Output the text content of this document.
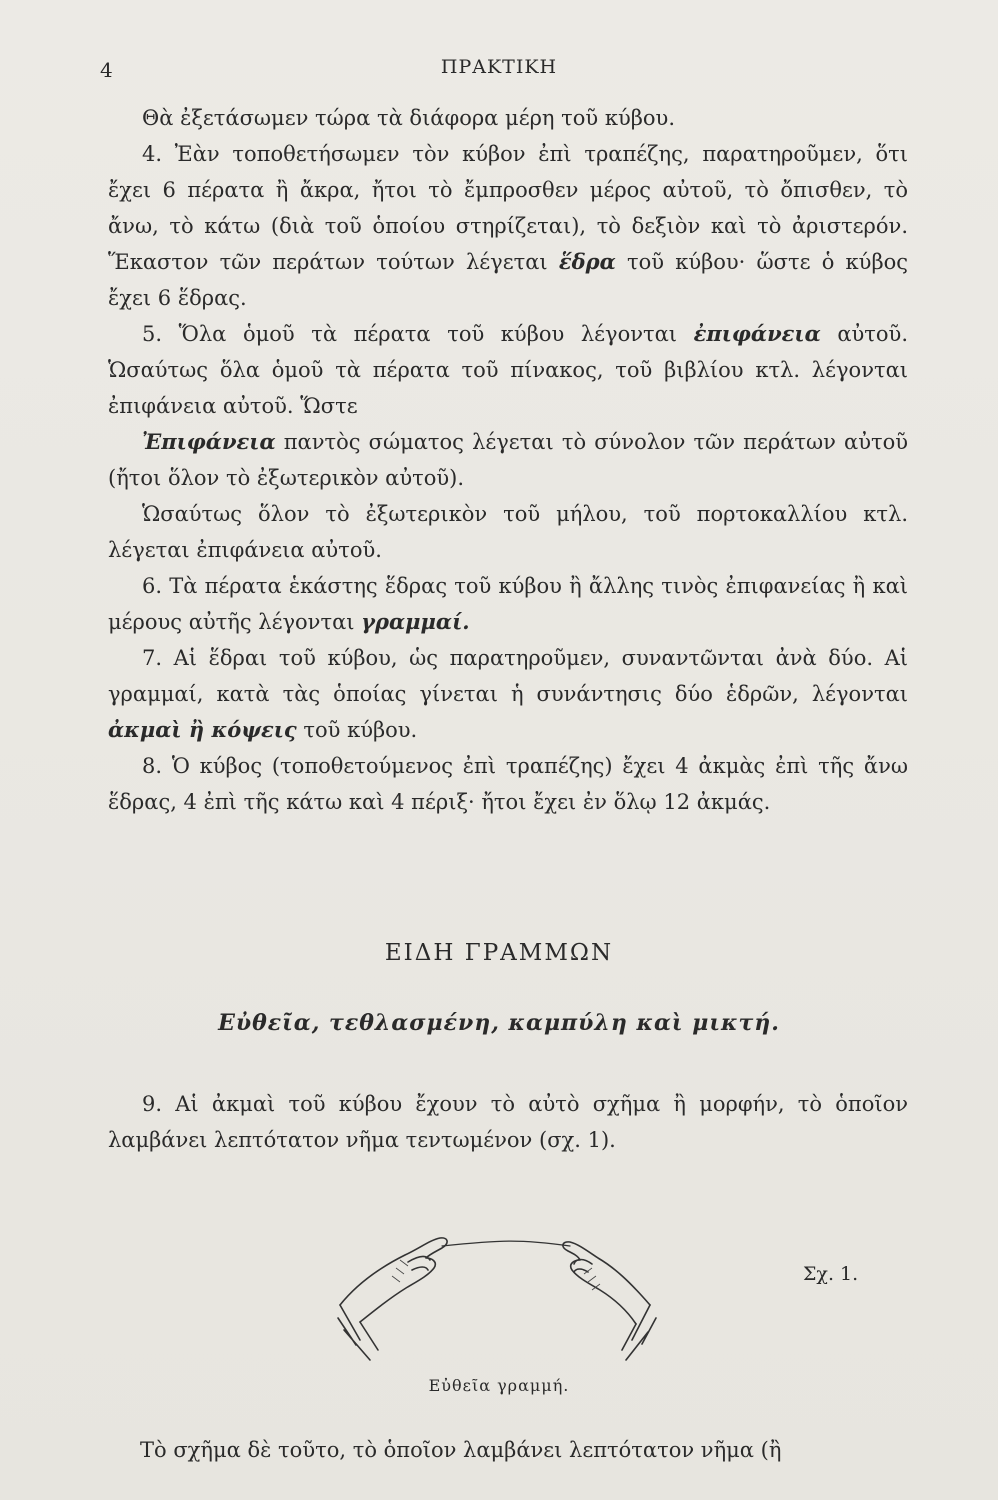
4	ΠΡΑΚΤΙΚΗ

Θὰ ἐξετάσωμεν τώρα τὰ διάφορα μέρη τοῦ κύβου.

4. Ἐὰν τοποθετήσωμεν τὸν κύβον ἐπὶ τραπέζης, παρατηροῦμεν, ὅτι ἔχει 6 πέρατα ἢ ἄκρα, ἤτοι τὸ ἔμπροσθεν μέρος αὐτοῦ, τὸ ὄπισθεν, τὸ ἄνω, τὸ κάτω (διὰ τοῦ ὁποίου στηρίζεται), τὸ δεξιὸν καὶ τὸ ἀριστερόν. Ἕκαστον τῶν περάτων τούτων λέγεται ἕδρα τοῦ κύβου· ὥστε ὁ κύβος ἔχει 6 ἕδρας.

5. Ὅλα ὁμοῦ τὰ πέρατα τοῦ κύβου λέγονται ἐπιφάνεια αὐτοῦ. Ὡσαύτως ὅλα ὁμοῦ τὰ πέρατα τοῦ πίνακος, τοῦ βιβλίου κτλ. λέγονται ἐπιφάνεια αὐτοῦ. Ὥστε

Ἐπιφάνεια παντὸς σώματος λέγεται τὸ σύνολον τῶν περάτων αὐτοῦ (ἤτοι ὅλον τὸ ἐξωτερικὸν αὐτοῦ).

Ὡσαύτως ὅλον τὸ ἐξωτερικὸν τοῦ μήλου, τοῦ πορτοκαλλίου κτλ. λέγεται ἐπιφάνεια αὐτοῦ.

6. Τὰ πέρατα ἑκάστης ἕδρας τοῦ κύβου ἢ ἄλλης τινὸς ἐπιφανείας ἢ καὶ μέρους αὐτῆς λέγονται γραμμαί.

7. Αἱ ἕδραι τοῦ κύβου, ὡς παρατηροῦμεν, συναντῶνται ἀνὰ δύο. Αἱ γραμμαί, κατὰ τὰς ὁποίας γίνεται ἡ συνάντησις δύο ἑδρῶν, λέγονται ἀκμαὶ ἢ κόψεις τοῦ κύβου.

8. Ὁ κύβος (τοποθετούμενος ἐπὶ τραπέζης) ἔχει 4 ἀκμὰς ἐπὶ τῆς ἄνω ἕδρας, 4 ἐπὶ τῆς κάτω καὶ 4 πέριξ· ἤτοι ἔχει ἐν ὅλῳ 12 ἀκμάς.

ΕΙΔΗ ΓΡΑΜΜΩΝ
Εὐθεῖα, τεθλασμένη, καμπύλη καὶ μικτή.

9. Αἱ ἀκμαὶ τοῦ κύβου ἔχουν τὸ αὐτὸ σχῆμα ἢ μορφήν, τὸ ὁποῖον λαμβάνει λεπτότατον νῆμα τεντωμένον (σχ. 1).

Σχ. 1.
Εὐθεῖα γραμμή.
Τὸ σχῆμα δὲ τοῦτο, τὸ ὁποῖον λαμβάνει λεπτότατον νῆμα (ἢ
